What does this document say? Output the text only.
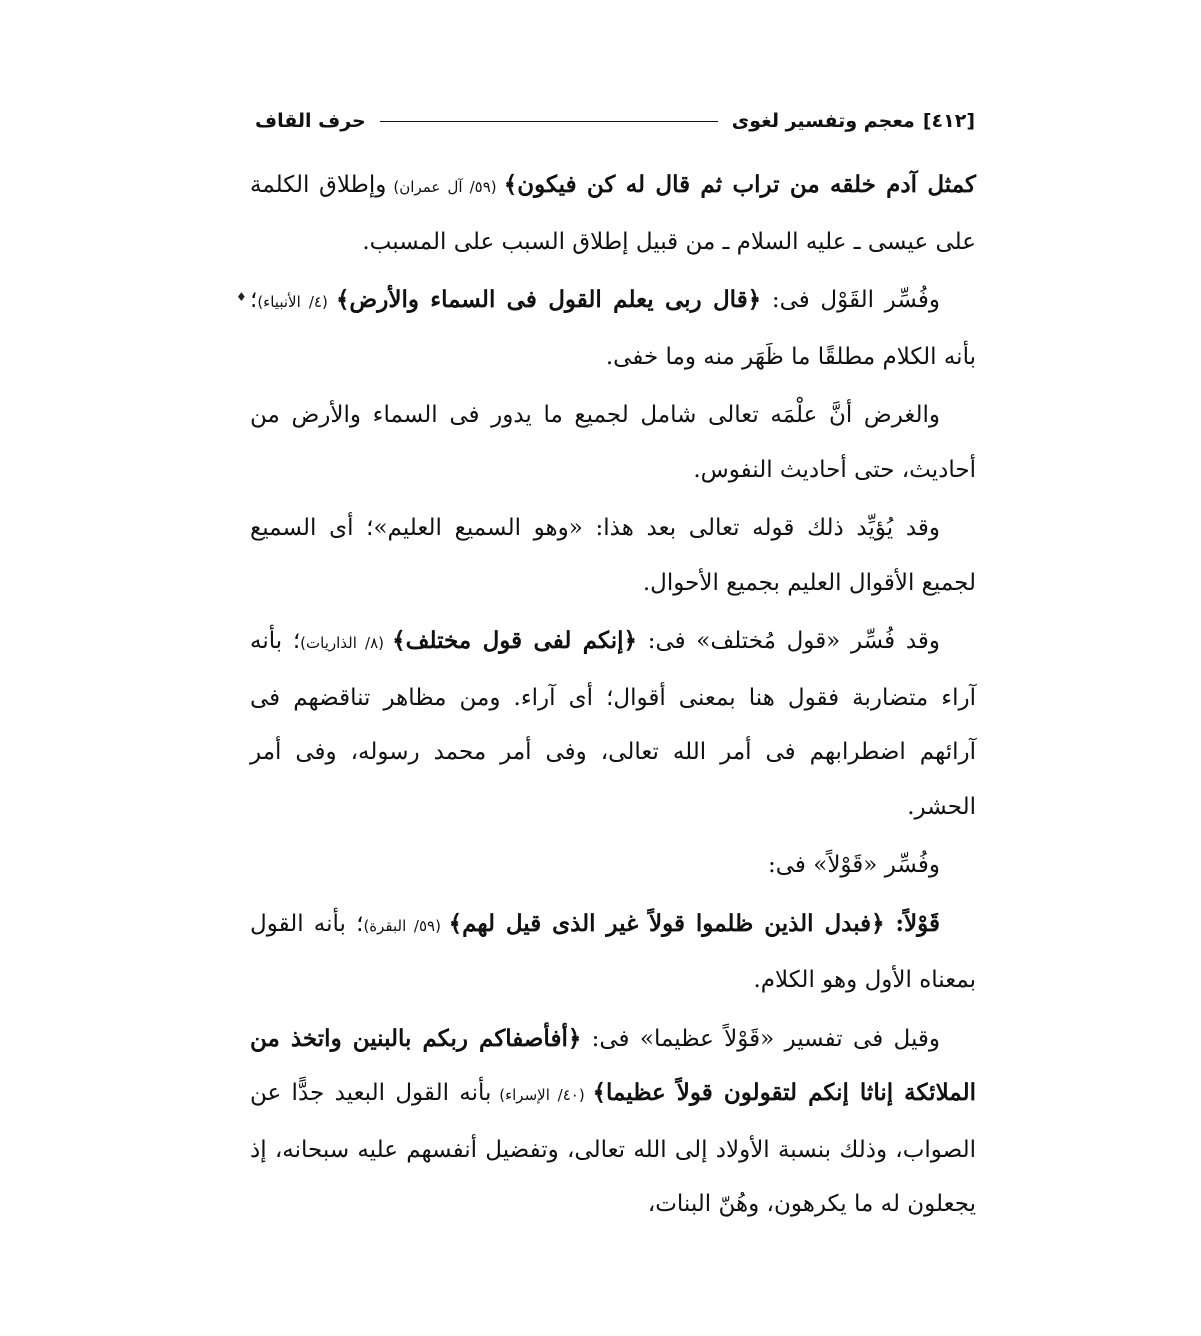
[٤١٢]
معجم وتفسير لغوى
حرف القاف

كمثل آدم خلقه من تراب ثم قال له كن فيكون﴾ (٥٩/ آل عمران) وإطلاق الكلمة على عيسى ـ عليه السلام ـ من قبيل إطلاق السبب على المسبب.

وفُسِّر القَوْل فى: ﴿قال ربى يعلم القول فى السماء والأرض﴾ (٤/ الأنبياء)؛ بأنه الكلام مطلقًا ما ظَهَر منه وما خفى.

والغرض أنَّ علْمَه تعالى شامل لجميع ما يدور فى السماء والأرض من أحاديث، حتى أحاديث النفوس.

وقد يُؤيِّد ذلك قوله تعالى بعد هذا: «وهو السميع العليم»؛ أى السميع لجميع الأقوال العليم بجميع الأحوال.

وقد فُسِّر «قول مُختلف» فى: ﴿إنكم لفى قول مختلف﴾ (٨/ الذاريات)؛ بأنه آراء متضاربة فقول هنا بمعنى أقوال؛ أى آراء. ومن مظاهر تناقضهم فى آرائهم اضطرابهم فى أمر الله تعالى، وفى أمر محمد رسوله، وفى أمر الحشر.

وفُسِّر «قَوْلاً» فى:

قَوْلاً: ﴿فبدل الذين ظلموا قولاً غير الذى قيل لهم﴾ (٥٩/ البقرة)؛ بأنه القول بمعناه الأول وهو الكلام.

وقيل فى تفسير «قَوْلاً عظيما» فى: ﴿أفأصفاكم ربكم بالبنين واتخذ من الملائكة إناثا إنكم لتقولون قولاً عظيما﴾ (٤٠/ الإسراء) بأنه القول البعيد جدًّا عن الصواب، وذلك بنسبة الأولاد إلى الله تعالى، وتفضيل أنفسهم عليه سبحانه، إذ يجعلون له ما يكرهون، وهُنّ البنات،

♦
